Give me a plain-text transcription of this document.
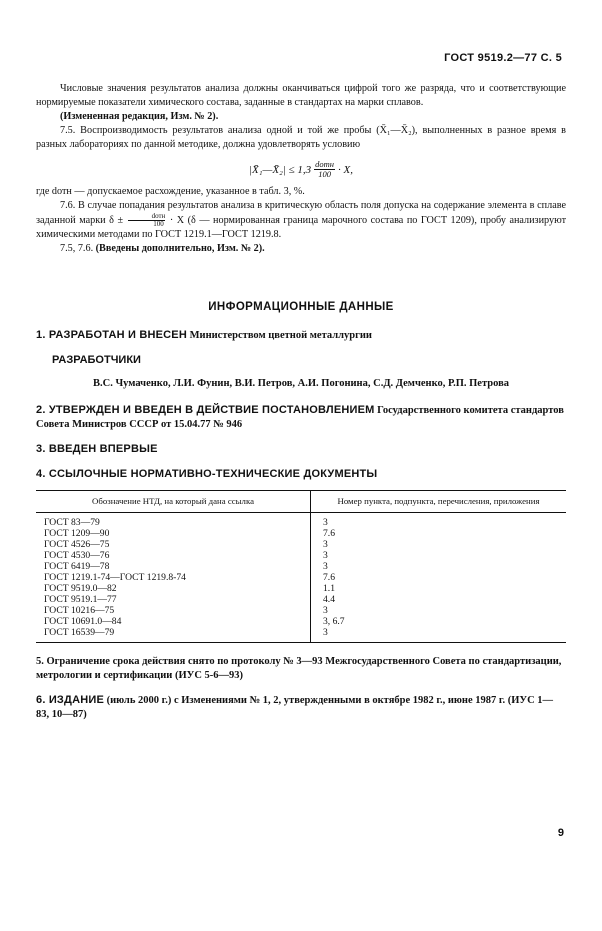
ГОСТ 9519.2—77 С. 5

Числовые значения результатов анализа должны оканчиваться цифрой того же разряда, что и соответствующие нормируемые показатели химического состава, заданные в стандартах на марки сплавов.

(Измененная редакция, Изм. № 2).

7.5. Воспроизводимость результатов анализа одной и той же пробы (X̄₁—X̄₂), выполненных в разное время в разных лабораториях по данной методике, должна удовлетворять условию

|X̄₁—X̄₂| ≤ $1,3 \frac{\text{dотн}}{100} \cdot X$,

где dотн — допускаемое расхождение, указанное в табл. 3, %.

7.6. В случае попадания результатов анализа в критическую область поля допуска на содержание элемента в сплаве заданной марки $\delta \pm \frac{\text{dотн}}{100} \cdot X$ (δ — нормированная граница марочного состава по ГОСТ 1209), пробу анализируют химическими методами по ГОСТ 1219.1—ГОСТ 1219.8.

7.5, 7.6. (Введены дополнительно, Изм. № 2).

ИНФОРМАЦИОННЫЕ ДАННЫЕ
1. РАЗРАБОТАН И ВНЕСЕН Министерством цветной металлургии
РАЗРАБОТЧИКИ
В.С. Чумаченко, Л.И. Фунин, В.И. Петров, А.И. Погонина, С.Д. Демченко, Р.П. Петрова
2. УТВЕРЖДЕН И ВВЕДЕН В ДЕЙСТВИЕ ПОСТАНОВЛЕНИЕМ Государственного комитета стандартов Совета Министров СССР от 15.04.77 № 946
3. ВВЕДЕН ВПЕРВЫЕ
4. ССЫЛОЧНЫЕ НОРМАТИВНО-ТЕХНИЧЕСКИЕ ДОКУМЕНТЫ
Обозначение НТД, на который дана ссылка	Номер пункта, подпункта, перечисления, приложения
ГОСТ 83—79	3
ГОСТ 1209—90	7.6
ГОСТ 4526—75	3
ГОСТ 4530—76	3
ГОСТ 6419—78	3
ГОСТ 1219.1-74—ГОСТ 1219.8-74	7.6
ГОСТ 9519.0—82	1.1
ГОСТ 9519.1—77	4.4
ГОСТ 10216—75	3
ГОСТ 10691.0—84	3, 6.7
ГОСТ 16539—79	3
5. Ограничение срока действия снято по протоколу № 3—93 Межгосударственного Совета по стандартизации, метрологии и сертификации (ИУС 5-6—93)
6. ИЗДАНИЕ (июль 2000 г.) с Изменениями № 1, 2, утвержденными в октябре 1982 г., июне 1987 г. (ИУС 1—83, 10—87)
9
